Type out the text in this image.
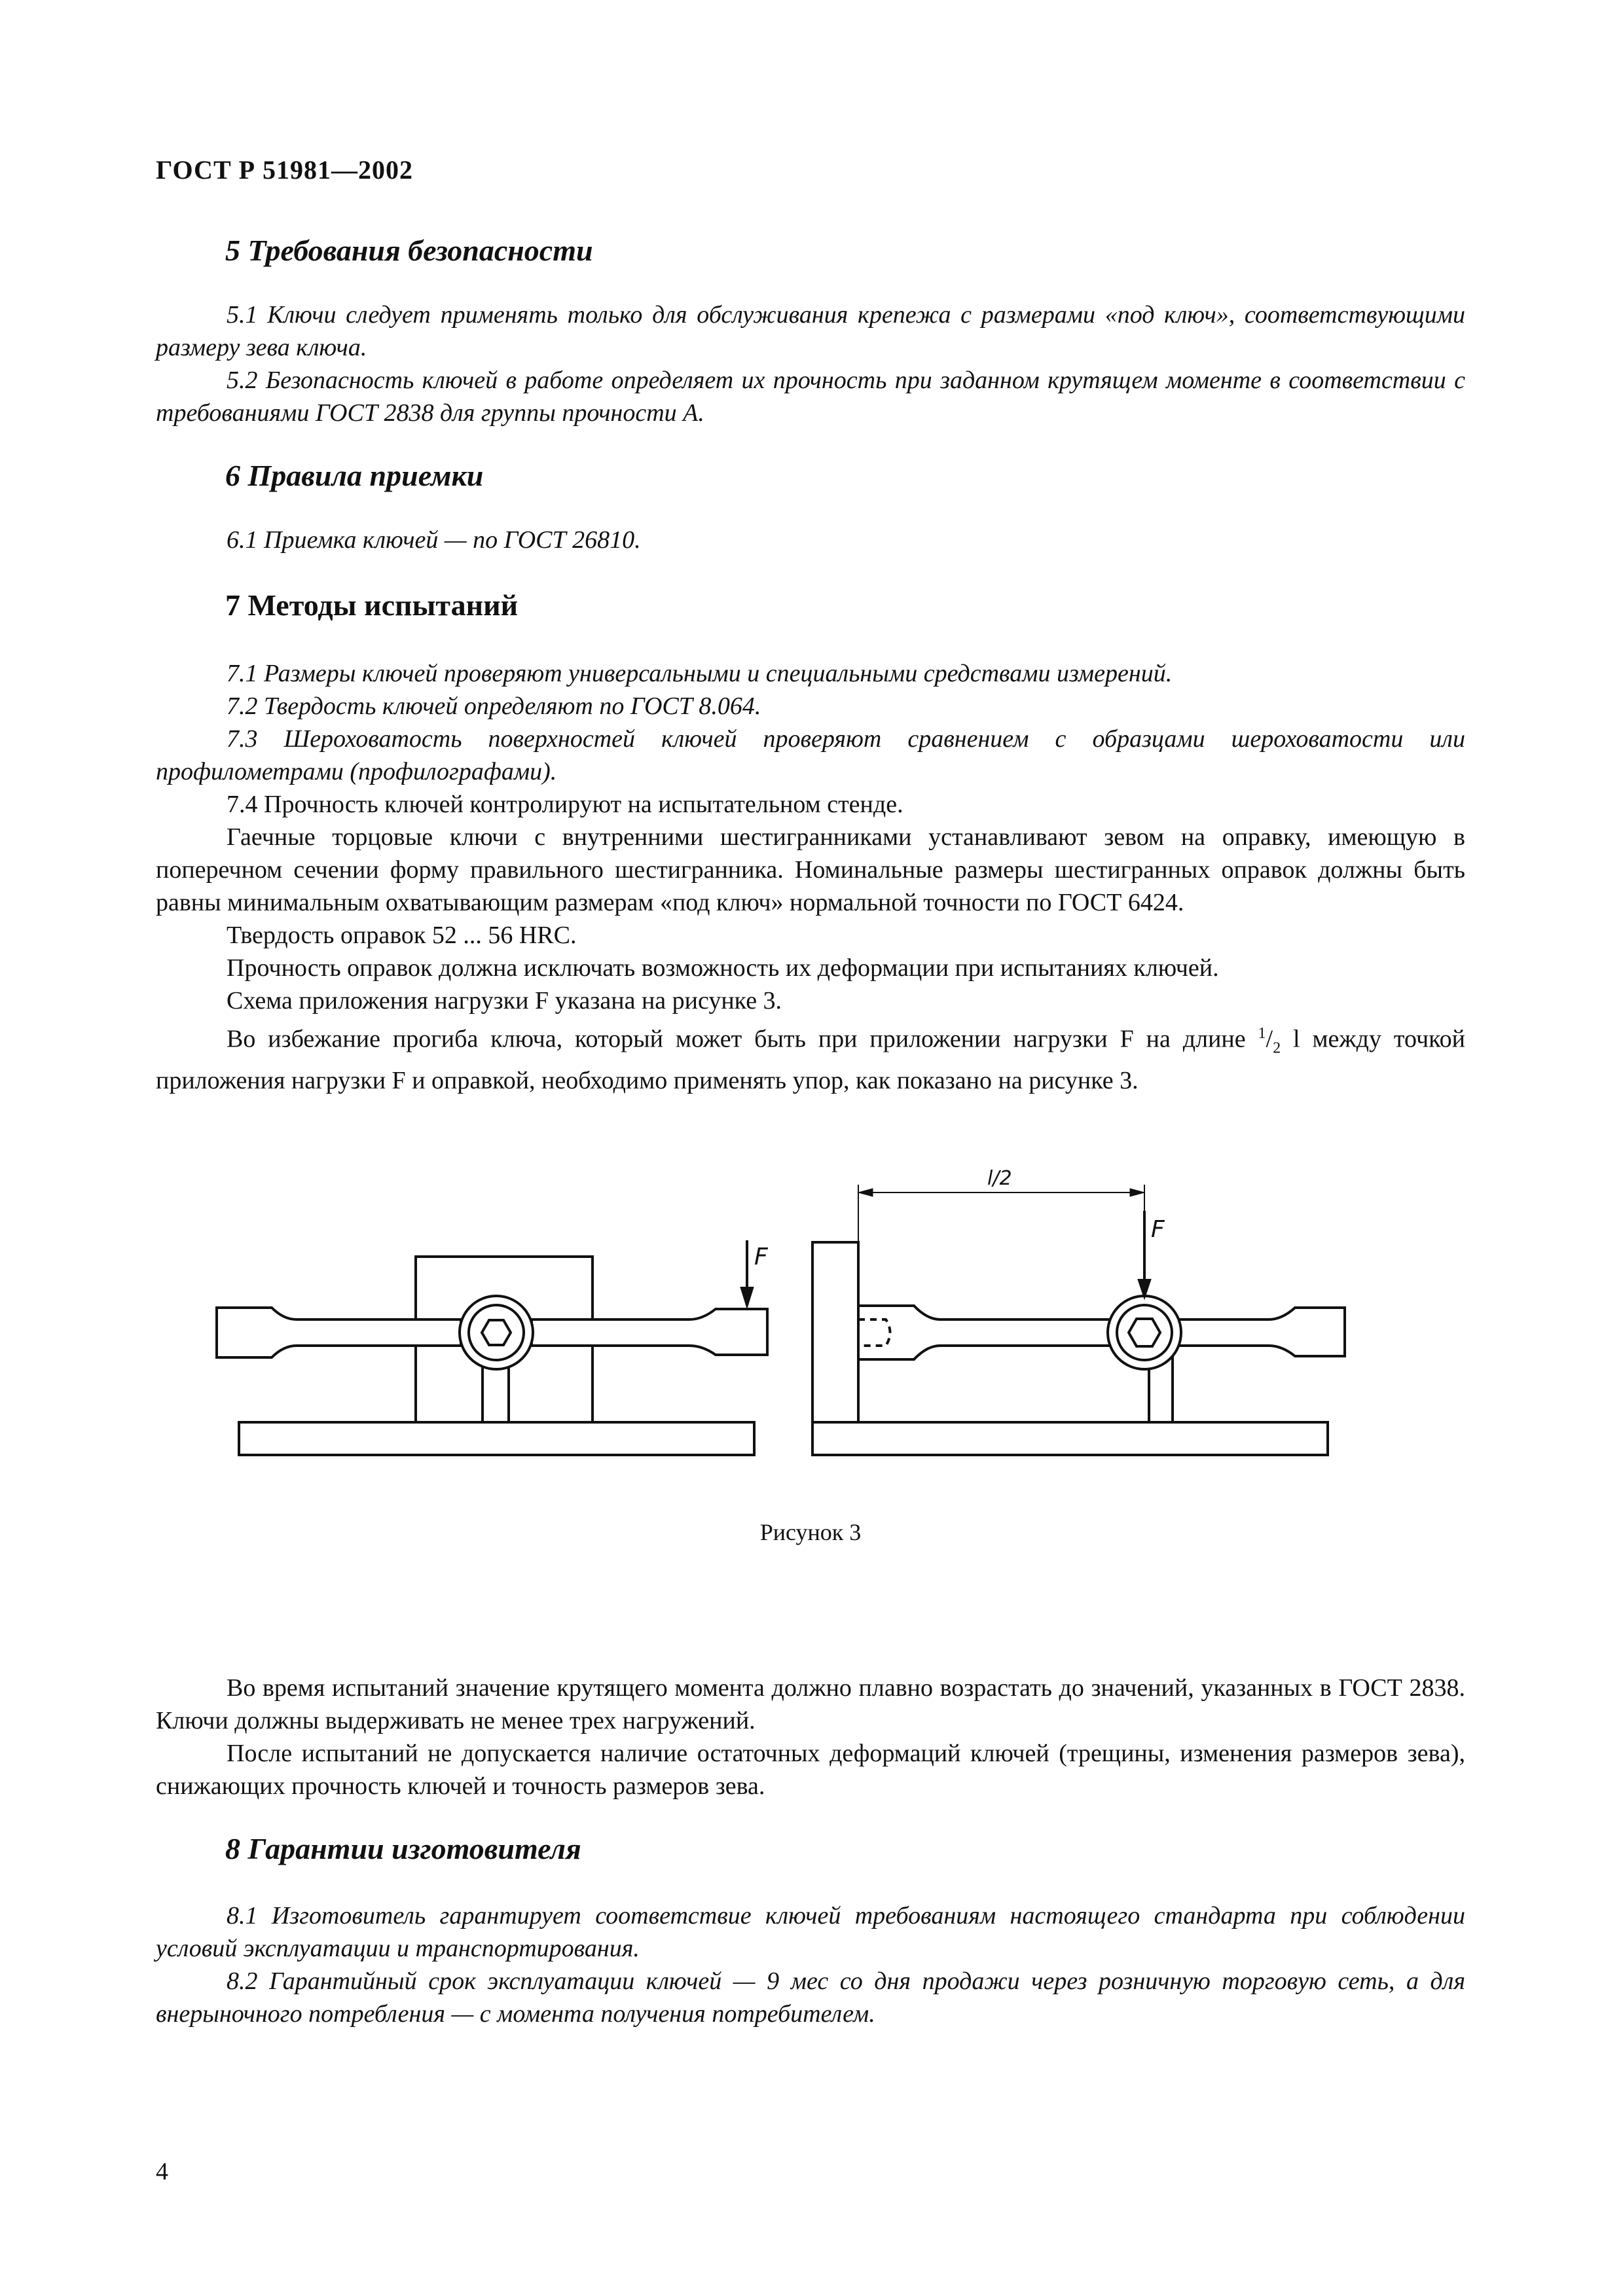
ГОСТ Р 51981—2002
5 Требования безопасности

5.1 Ключи следует применять только для обслуживания крепежа с размерами «под ключ», соответствующими размеру зева ключа.

5.2 Безопасность ключей в работе определяет их прочность при заданном крутящем моменте в соответствии с требованиями ГОСТ 2838 для группы прочности А.

6 Правила приемки

6.1 Приемка ключей — по ГОСТ 26810.

7 Методы испытаний

7.1 Размеры ключей проверяют универсальными и специальными средствами измерений.

7.2 Твердость ключей определяют по ГОСТ 8.064.

7.3 Шероховатость поверхностей ключей проверяют сравнением с образцами шероховатости или профилометрами (профилографами).

7.4 Прочность ключей контролируют на испытательном стенде.

Гаечные торцовые ключи с внутренними шестигранниками устанавливают зевом на оправку, имеющую в поперечном сечении форму правильного шестигранника. Номинальные размеры шестигранных оправок должны быть равны минимальным охватывающим размерам «под ключ» нормальной точности по ГОСТ 6424.

Твердость оправок 52 ... 56 HRC.

Прочность оправок должна исключать возможность их деформации при испытаниях ключей.

Схема приложения нагрузки F указана на рисунке 3.

Во избежание прогиба ключа, который может быть при приложении нагрузки F на длине $^1/_2$ l между точкой приложения нагрузки F и оправкой, необходимо применять упор, как показано на рисунке 3.

F
F
l/2
Рисунок 3

Во время испытаний значение крутящего момента должно плавно возрастать до значений, указанных в ГОСТ 2838. Ключи должны выдерживать не менее трех нагружений.

После испытаний не допускается наличие остаточных деформаций ключей (трещины, изменения размеров зева), снижающих прочность ключей и точность размеров зева.

8 Гарантии изготовителя

8.1 Изготовитель гарантирует соответствие ключей требованиям настоящего стандарта при соблюдении условий эксплуатации и транспортирования.

8.2 Гарантийный срок эксплуатации ключей — 9 мес со дня продажи через розничную торговую сеть, а для внерыночного потребления — с момента получения потребителем.

4
